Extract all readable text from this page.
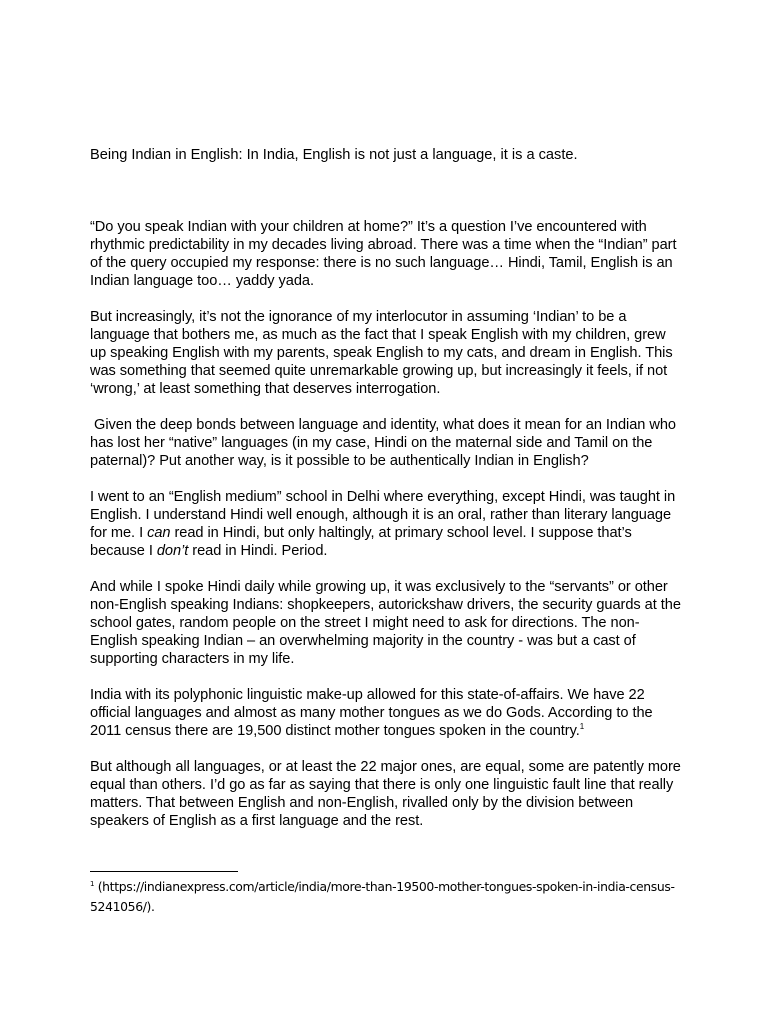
Being Indian in English: In India, English is not just a language, it is a caste.

“Do you speak Indian with your children at home?” It’s a question I’ve encountered with rhythmic predictability in my decades living abroad. There was a time when the “Indian” part of the query occupied my response: there is no such language… Hindi, Tamil, English is an Indian language too… yaddy yada.

But increasingly, it’s not the ignorance of my interlocutor in assuming ‘Indian’ to be a language that bothers me, as much as the fact that I speak English with my children, grew up speaking English with my parents, speak English to my cats, and dream in English. This was something that seemed quite unremarkable growing up, but increasingly it feels, if not ‘wrong,’ at least something that deserves interrogation.

Given the deep bonds between language and identity, what does it mean for an Indian who has lost her “native” languages (in my case, Hindi on the maternal side and Tamil on the paternal)? Put another way, is it possible to be authentically Indian in English?

I went to an “English medium” school in Delhi where everything, except Hindi, was taught in English. I understand Hindi well enough, although it is an oral, rather than literary language for me. I can read in Hindi, but only haltingly, at primary school level. I suppose that’s because I don’t read in Hindi. Period.

And while I spoke Hindi daily while growing up, it was exclusively to the “servants” or other non-English speaking Indians: shopkeepers, autorickshaw drivers, the security guards at the school gates, random people on the street I might need to ask for directions. The non-English speaking Indian – an overwhelming majority in the country - was but a cast of supporting characters in my life.

India with its polyphonic linguistic make-up allowed for this state-of-affairs. We have 22 official languages and almost as many mother tongues as we do Gods. According to the 2011 census there are 19,500 distinct mother tongues spoken in the country.$^1$

But although all languages, or at least the 22 major ones, are equal, some are patently more equal than others. I’d go as far as saying that there is only one linguistic fault line that really matters. That between English and non-English, rivalled only by the division between speakers of English as a first language and the rest.

$^1$ (https://indianexpress.com/article/india/more-than-19500-mother-tongues-spoken-in-india-census-5241056/).
